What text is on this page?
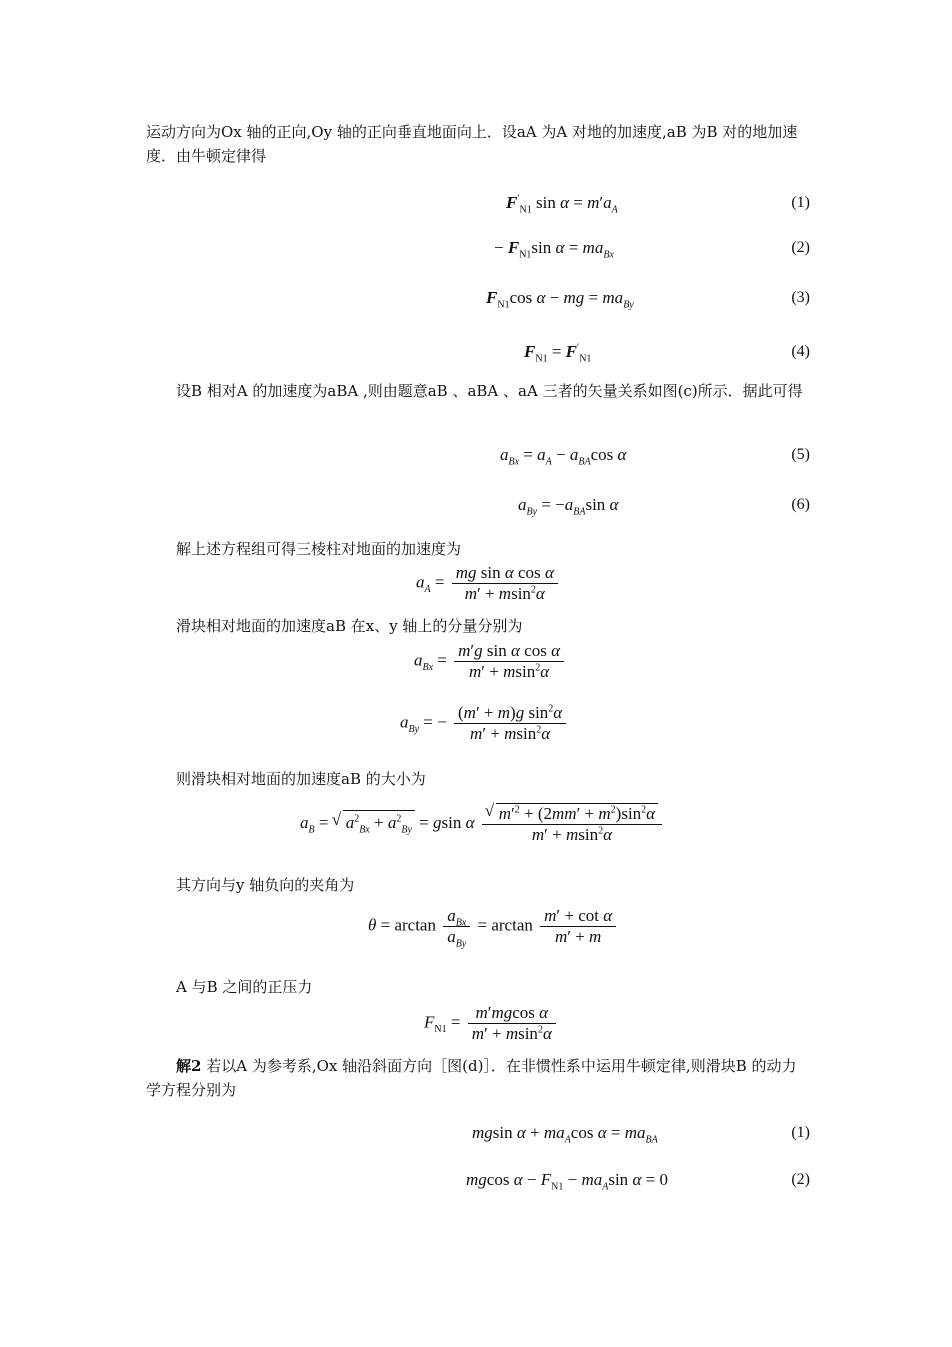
运动方向为Ox 轴的正向,Oy 轴的正向垂直地面向上．设aA 为A 对地的加速度,aB 为B 对的地加速度．由牛顿定律得

$F'_{N1}$ $\sin \alpha = m'a_A$	(1)
− $F_{N1}\sin$ $\alpha = ma_{Bx}$	(2)
$F_{N1}\cos$ α − mg = $ma_{By}$	(3)
$F_{N1} = F'_{N1}$	(4)

设B 相对A 的加速度为aBA ,则由题意aB 、aBA 、aA 三者的矢量关系如图(c)所示．据此可得

$a_{Bx} = a_A - a_{BA}\cos$ α	(5)
$a_{By} = -a_{BA}\sin$ α	(6)

解上述方程组可得三棱柱对地面的加速度为

$a_A = \frac{\text{mg sin α cos α}}{m' + msin^2\alpha}$

滑块相对地面的加速度aB 在x、y 轴上的分量分别为

$a_{Bx} = \frac{\text{m′g sin α cos α}}{m' + msin^2\alpha}$
$a_{By}$ = − $\frac{(m' + m)g \sin^2\alpha}{m' + msin^2\alpha}$

则滑块相对地面的加速度aB 的大小为

$a_B$ = √ $a^2_{Bx} + a^2_{By} = gsin$ α
√ $\frac{m'^2 + (2mm' + m^2)\sin^2\alpha}{m' + msin^2\alpha}$

其方向与y 轴负向的夹角为

$\theta = \arctan \frac{a_{Bx}}{a_{By}} = \arctan \frac{\text{m′ + cot α}}{m' + m}$

A 与B 之间的正压力

$F_{N1} = \frac{\text{m′mgcos α}}{m' + msin^2\alpha}$

解2 若以A 为参考系,Ox 轴沿斜面方向［图(d)］．在非惯性系中运用牛顿定律,则滑块B 的动力学方程分别为

mgsin $\alpha + ma_A\cos$ $\alpha = ma_{BA}$	(1)
mgcos $\alpha - F_{N1} - ma_A\sin$ α = 0	(2)
